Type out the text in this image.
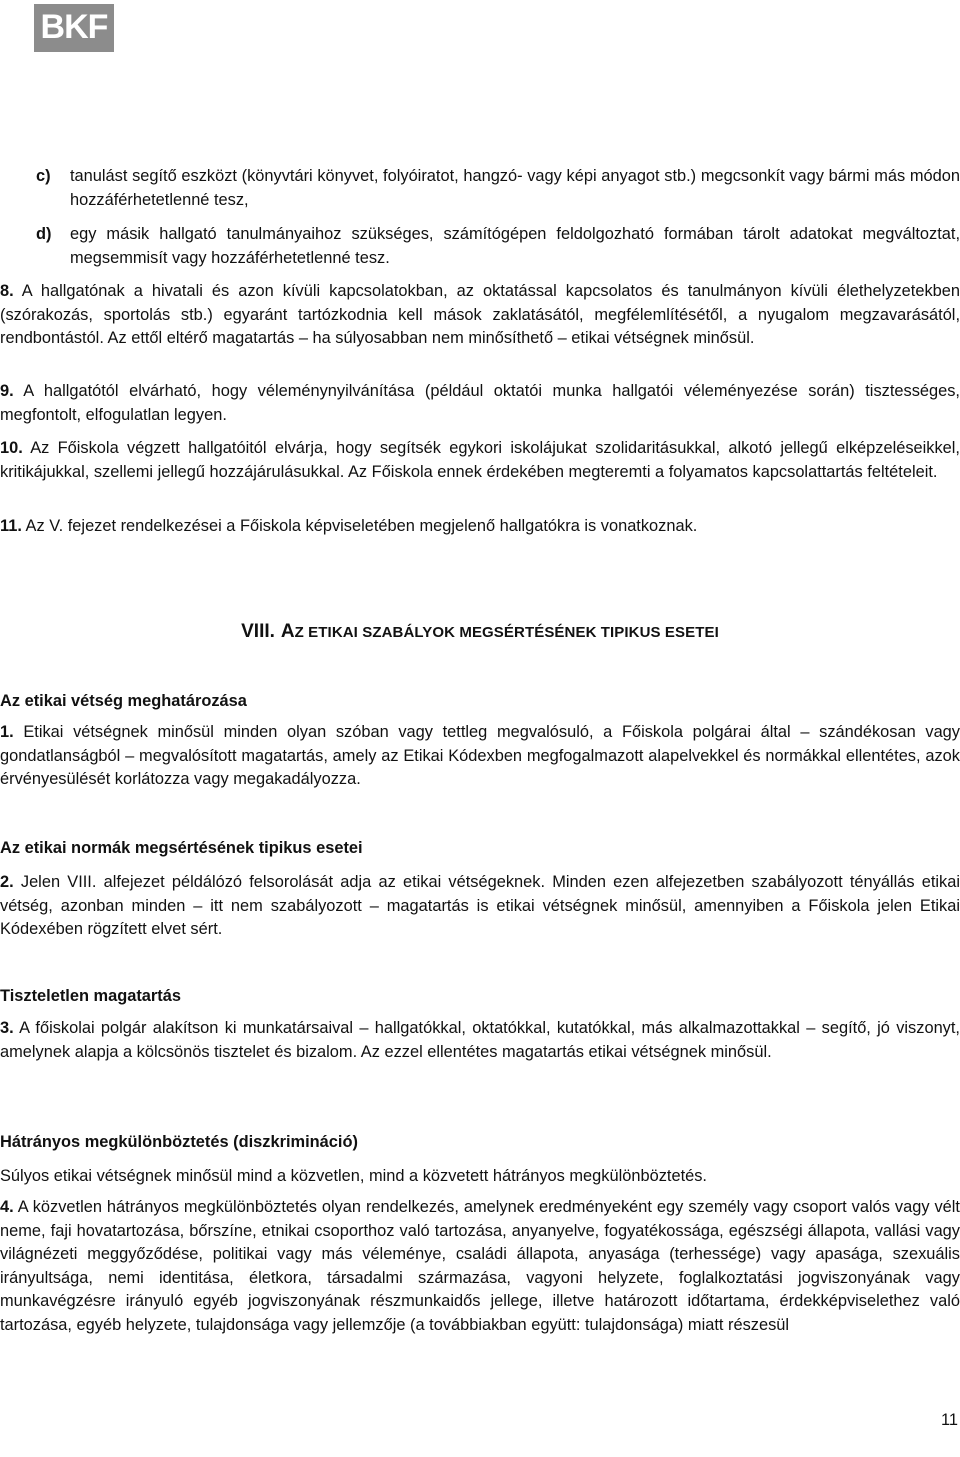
BKF
c) tanulást segítő eszközt (könyvtári könyvet, folyóiratot, hangzó- vagy képi anyagot stb.) megcsonkít vagy bármi más módon hozzáférhetetlenné tesz,
d) egy másik hallgató tanulmányaihoz szükséges, számítógépen feldolgozható formában tárolt adatokat megváltoztat, megsemmisít vagy hozzáférhetetlenné tesz.
8. A hallgatónak a hivatali és azon kívüli kapcsolatokban, az oktatással kapcsolatos és tanulmányon kívüli élethelyzetekben (szórakozás, sportolás stb.) egyaránt tartózkodnia kell mások zaklatásától, megfélemlítésétől, a nyugalom megzavarásától, rendbontástól. Az ettől eltérő magatartás – ha súlyosabban nem minősíthető – etikai vétségnek minősül.
9. A hallgatótól elvárható, hogy véleménynyilvánítása (például oktatói munka hallgatói véleményezése során) tisztességes, megfontolt, elfogulatlan legyen.
10. Az Főiskola végzett hallgatóitól elvárja, hogy segítsék egykori iskolájukat szolidaritásukkal, alkotó jellegű elképzeléseikkel, kritikájukkal, szellemi jellegű hozzájárulásukkal. Az Főiskola ennek érdekében megteremti a folyamatos kapcsolattartás feltételeit.
11. Az V. fejezet rendelkezései a Főiskola képviseletében megjelenő hallgatókra is vonatkoznak.
VIII. AZ ETIKAI SZABÁLYOK MEGSÉRTÉSÉNEK TIPIKUS ESETEI
Az etikai vétség meghatározása
1. Etikai vétségnek minősül minden olyan szóban vagy tettleg megvalósuló, a Főiskola polgárai által – szándékosan vagy gondatlanságból – megvalósított magatartás, amely az Etikai Kódexben megfogalmazott alapelvekkel és normákkal ellentétes, azok érvényesülését korlátozza vagy megakadályozza.
Az etikai normák megsértésének tipikus esetei
2. Jelen VIII. alfejezet példálózó felsorolását adja az etikai vétségeknek. Minden ezen alfejezetben szabályozott tényállás etikai vétség, azonban minden – itt nem szabályozott – magatartás is etikai vétségnek minősül, amennyiben a Főiskola jelen Etikai Kódexében rögzített elvet sért.
Tiszteletlen magatartás
3. A főiskolai polgár alakítson ki munkatársaival – hallgatókkal, oktatókkal, kutatókkal, más alkalmazottakkal – segítő, jó viszonyt, amelynek alapja a kölcsönös tisztelet és bizalom. Az ezzel ellentétes magatartás etikai vétségnek minősül.
Hátrányos megkülönböztetés (diszkrimináció)
Súlyos etikai vétségnek minősül mind a közvetlen, mind a közvetett hátrányos megkülönböztetés.
4. A közvetlen hátrányos megkülönböztetés olyan rendelkezés, amelynek eredményeként egy személy vagy csoport valós vagy vélt neme, faji hovatartozása, bőrszíne, etnikai csoporthoz való tartozása, anyanyelve, fogyatékossága, egészségi állapota, vallási vagy világnézeti meggyőződése, politikai vagy más véleménye, családi állapota, anyasága (terhessége) vagy apasága, szexuális irányultsága, nemi identitása, életkora, társadalmi származása, vagyoni helyzete, foglalkoztatási jogviszonyának vagy munkavégzésre irányuló egyéb jogviszonyának részmunkaidős jellege, illetve határozott időtartama, érdekképviselethez való tartozása, egyéb helyzete, tulajdonsága vagy jellemzője (a továbbiakban együtt: tulajdonsága) miatt részesül
11
